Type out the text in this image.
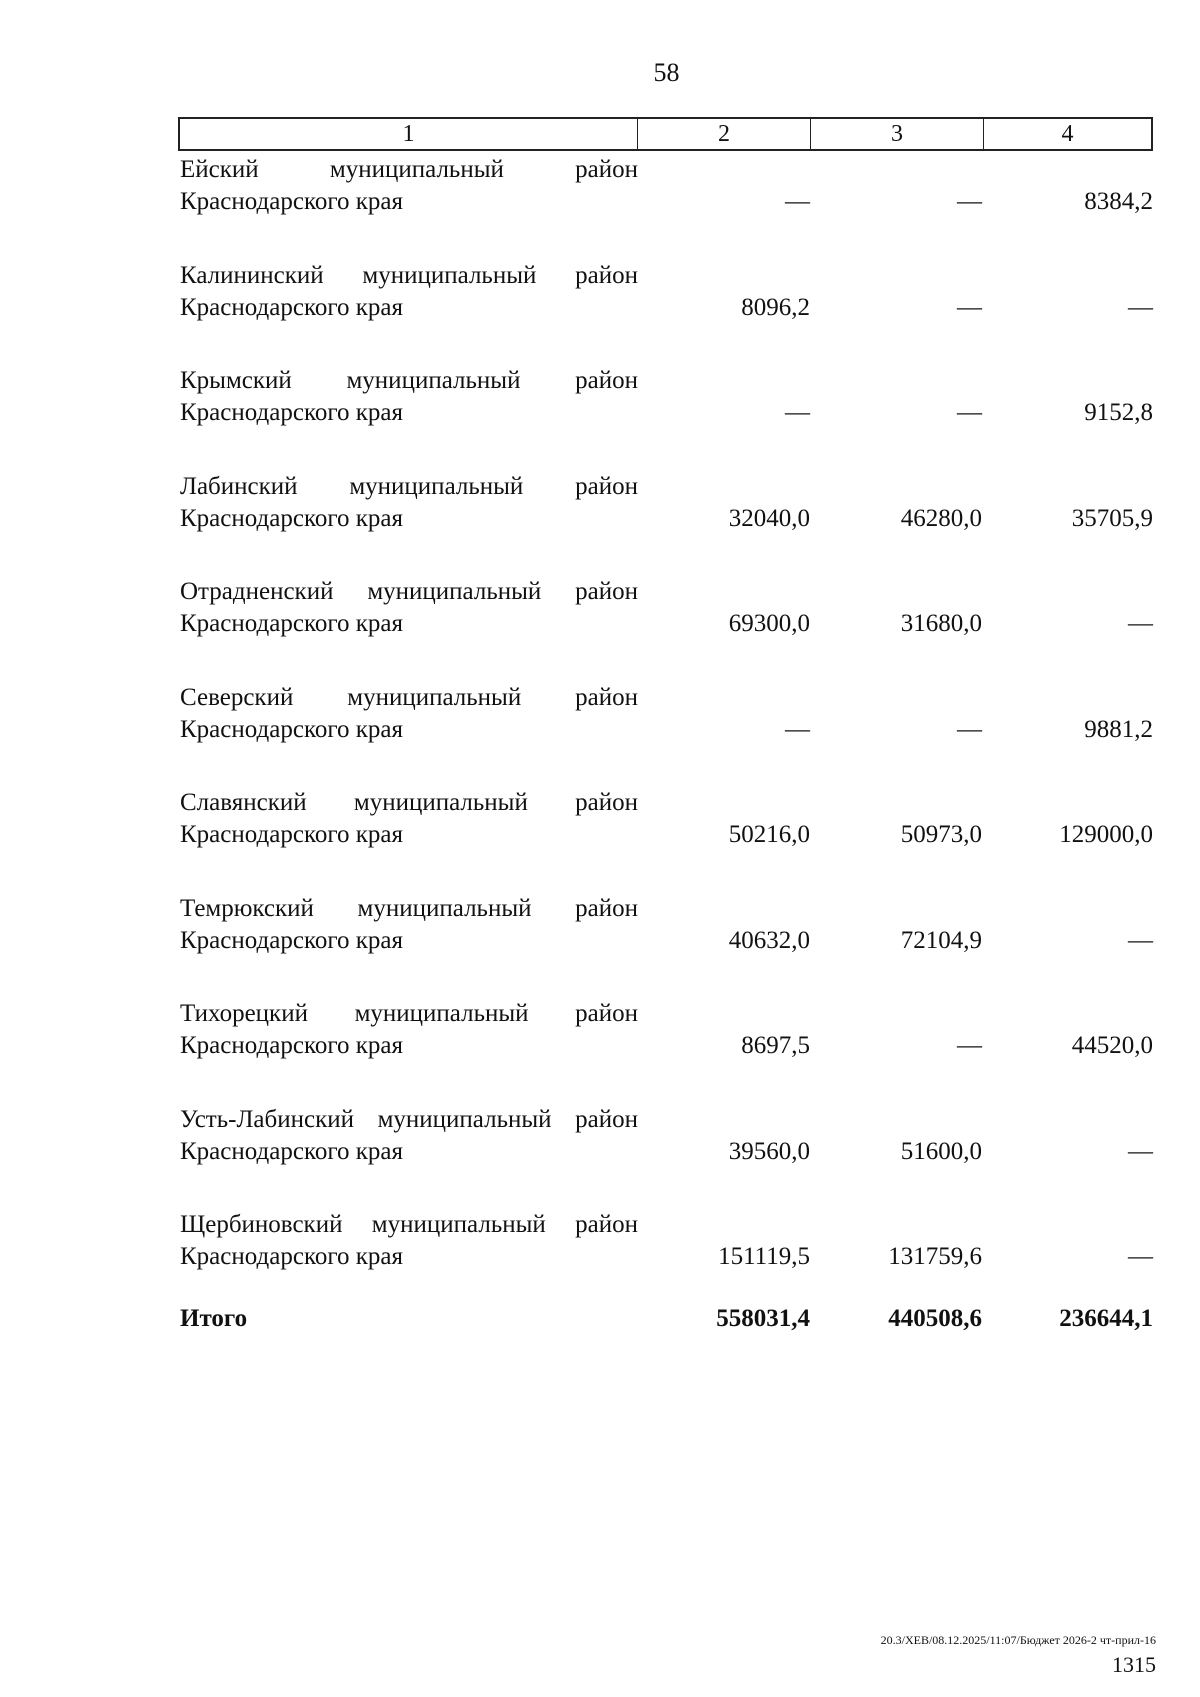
58
1	2	3	4
Ейский муниципальный район Краснодарского края	—	—	8384,2
Калининский муниципальный район Краснодарского края	8096,2	—	—
Крымский муниципальный район Краснодарского края	—	—	9152,8
Лабинский муниципальный район Краснодарского края	32040,0	46280,0	35705,9
Отрадненский муниципальный район Краснодарского края	69300,0	31680,0	—
Северский муниципальный район Краснодарского края	—	—	9881,2
Славянский муниципальный район Краснодарского края	50216,0	50973,0	129000,0
Темрюкский муниципальный район Краснодарского края	40632,0	72104,9	—
Тихорецкий муниципальный район Краснодарского края	8697,5	—	44520,0
Усть-Лабинский муниципальный район Краснодарского края	39560,0	51600,0	—
Щербиновский муниципальный район Краснодарского края	151119,5	131759,6	—
Итого	558031,4	440508,6	236644,1
20.3/ХЕВ/08.12.2025/11:07/Бюджет 2026-2 чт-прил-16
1315
